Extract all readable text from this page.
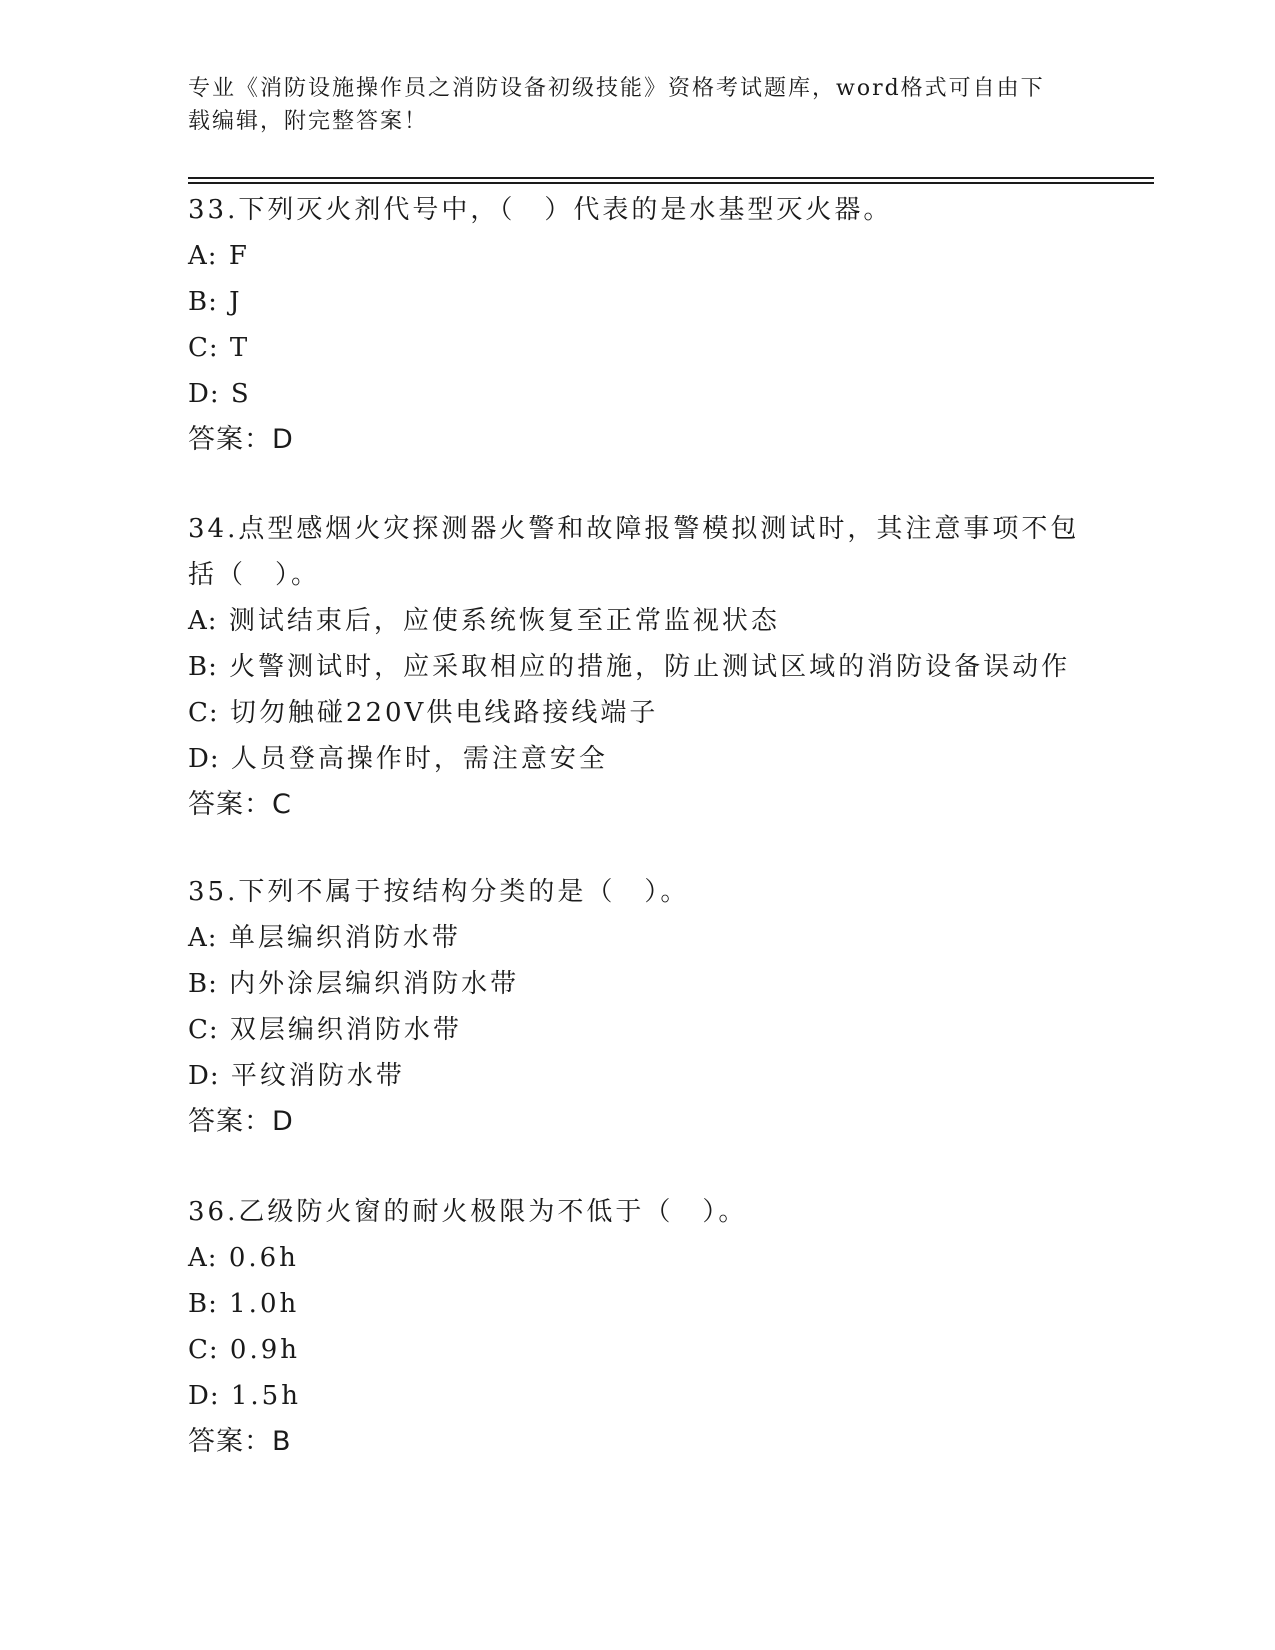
专业《消防设施操作员之消防设备初级技能》资格考试题库，word格式可自由下
载编辑，附完整答案！

33.下列灭火剂代号中，（　）代表的是水基型灭火器。

A: F

B: J

C: T

D: S

答案：D

34.点型感烟火灾探测器火警和故障报警模拟测试时，其注意事项不包

括（　）。

A: 测试结束后，应使系统恢复至正常监视状态

B: 火警测试时，应采取相应的措施，防止测试区域的消防设备误动作

C: 切勿触碰220V供电线路接线端子

D: 人员登高操作时，需注意安全

答案：C

35.下列不属于按结构分类的是（　）。

A: 单层编织消防水带

B: 内外涂层编织消防水带

C: 双层编织消防水带

D: 平纹消防水带

答案：D

36.乙级防火窗的耐火极限为不低于（　）。

A: 0.6h

B: 1.0h

C: 0.9h

D: 1.5h

答案：B
